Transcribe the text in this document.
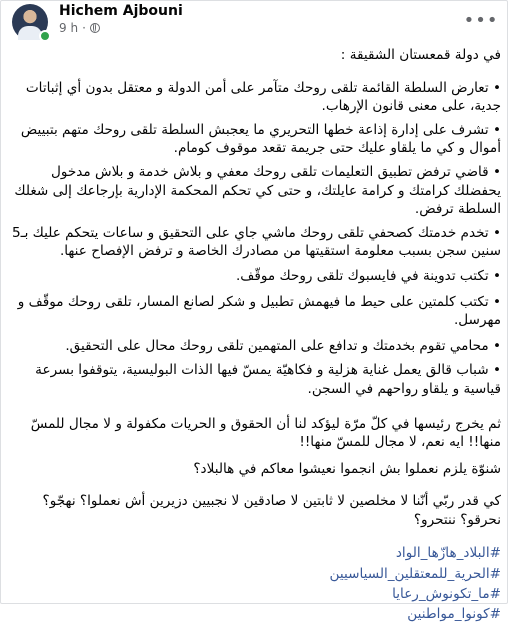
Hichem Ajbouni
9 h ·	•••

في دولة قمعستان الشقيقة :

• تعارض السلطة القائمة تلقى روحك متآمر على أمن الدولة و معتقل بدون أي إثباتات جدية، على معنى قانون الإرهاب.

• تشرف على إدارة إذاعة خطها التحريري ما يعجبش السلطة تلقى روحك متهم بتبييض أموال و كي ما يلقاو عليك حتى جريمة تقعد موقوف كومام.

• قاضي ترفض تطبيق التعليمات تلقى روحك معفي و بلاش خدمة و بلاش مدخول يحفضلك كرامتك و كرامة عايلتك، و حتى كي تحكم المحكمة الإدارية بإرجاعك إلى شغلك السلطة ترفض.

• تخدم خدمتك كصحفي تلقى روحك ماشي جاي على التحقيق و ساعات يتحكم عليك بـ5 سنين سجن بسبب معلومة استقيتها من مصادرك الخاصة و ترفض الإفصاح عنها.

• تكتب تدوينة في فايسبوك تلقى روحك موقّف.

• تكتب كلمتين على حيط ما فيهمش تطبيل و شكر لصانع المسار، تلقى روحك موقّف و مهرسل.

• محامي تقوم بخدمتك و تدافع على المتهمين تلقى روحك محال على التحقيق.

• شباب قالق يعمل غناية هزلية و فكاهيّة يمسّ فيها الذات البوليسية، يتوقفوا بسرعة قياسية و يلقاو رواحهم في السجن.

ثم يخرج رئيسها في كلّ مرّة ليؤكد لنا أن الحقوق و الحريات مكفولة و لا مجال للمسّ منها!! ايه نعم، لا مجال للمسّ منها!!

شنوّة يلزم نعملوا بش انجموا نعيشوا معاكم في هالبلاد؟

كي قدر ربّي أنّنا لا مخلصين لا ثابتين لا صادقين لا نجبيين دزيرين أش نعملوا؟ نهجّو؟ نحرقو؟ ننتحرو؟

#البلاد_هازّها_الواد
#الحرية_للمعتقلين_السياسيين
#ما_تكونوش_رعايا
#كونوا_مواطنين
